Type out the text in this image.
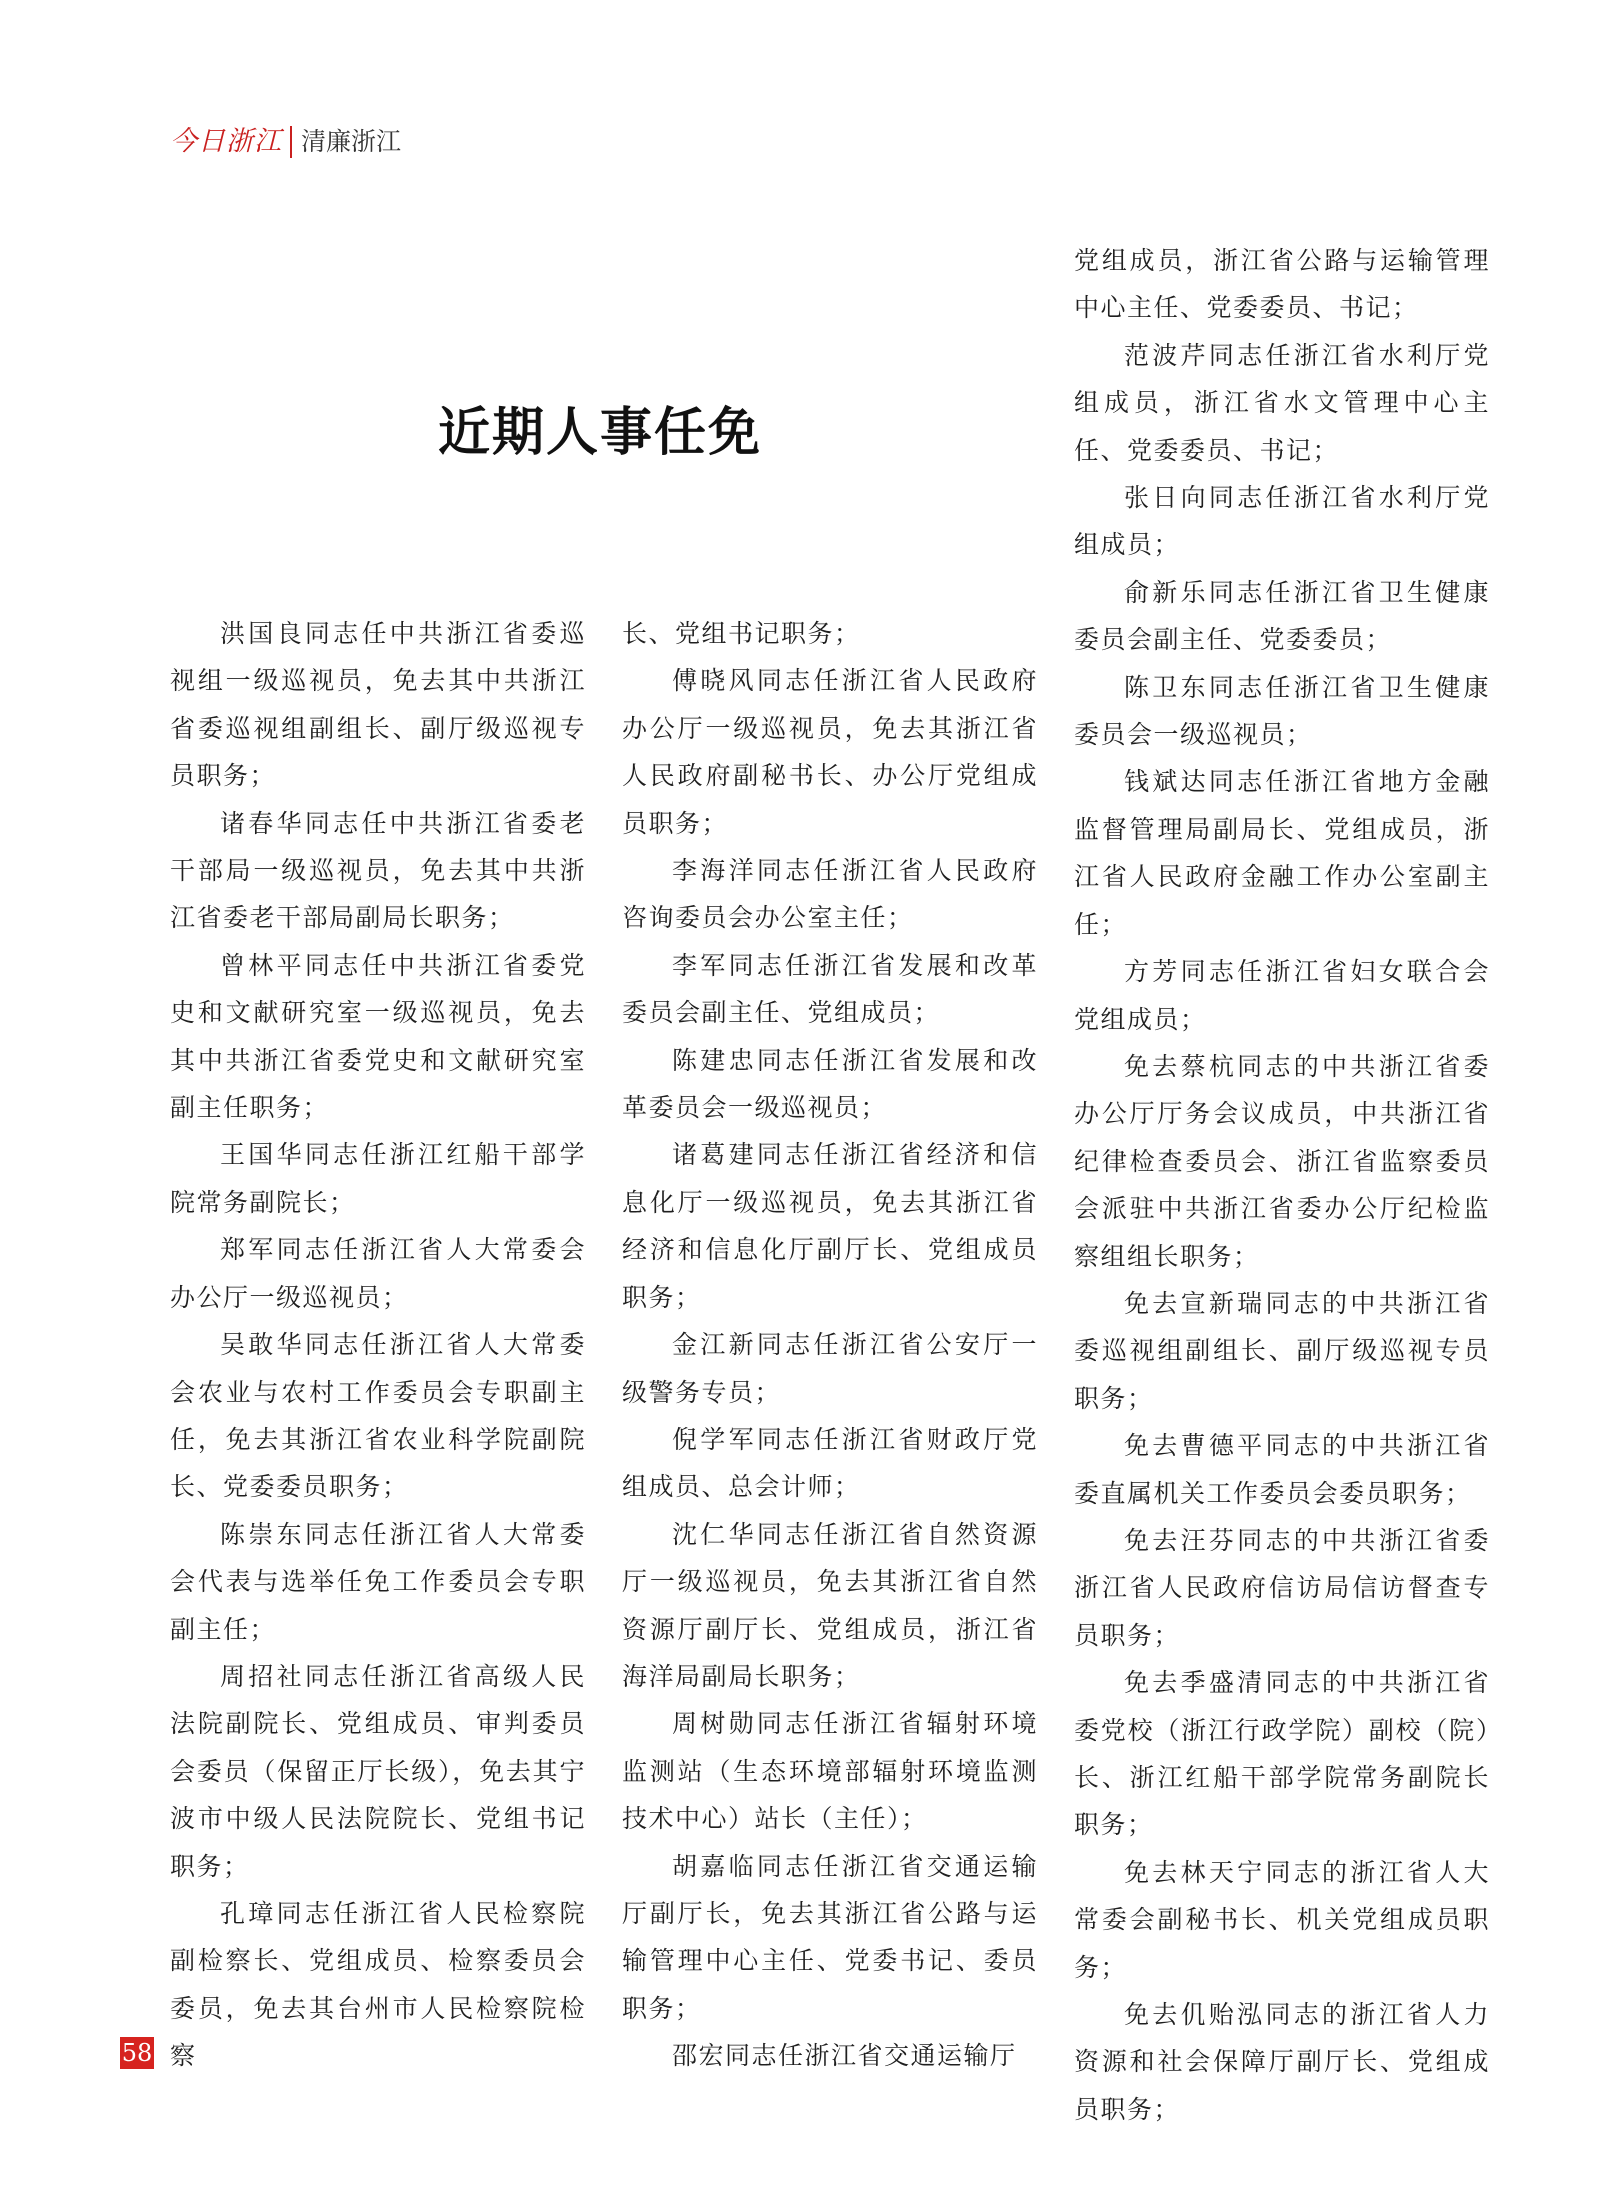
今日浙江 清廉浙江
近期人事任免

洪国良同志任中共浙江省委巡视组一级巡视员，免去其中共浙江省委巡视组副组长、副厅级巡视专员职务；

诸春华同志任中共浙江省委老干部局一级巡视员，免去其中共浙江省委老干部局副局长职务；

曾林平同志任中共浙江省委党史和文献研究室一级巡视员，免去其中共浙江省委党史和文献研究室副主任职务；

王国华同志任浙江红船干部学院常务副院长；

郑军同志任浙江省人大常委会办公厅一级巡视员；

吴敢华同志任浙江省人大常委会农业与农村工作委员会专职副主任，免去其浙江省农业科学院副院长、党委委员职务；

陈崇东同志任浙江省人大常委会代表与选举任免工作委员会专职副主任；

周招社同志任浙江省高级人民法院副院长、党组成员、审判委员会委员（保留正厅长级），免去其宁波市中级人民法院院长、党组书记职务；

孔璋同志任浙江省人民检察院副检察长、党组成员、检察委员会委员，免去其台州市人民检察院检察

长、党组书记职务；

傅晓风同志任浙江省人民政府办公厅一级巡视员，免去其浙江省人民政府副秘书长、办公厅党组成员职务；

李海洋同志任浙江省人民政府咨询委员会办公室主任；

李军同志任浙江省发展和改革委员会副主任、党组成员；

陈建忠同志任浙江省发展和改革委员会一级巡视员；

诸葛建同志任浙江省经济和信息化厅一级巡视员，免去其浙江省经济和信息化厅副厅长、党组成员职务；

金江新同志任浙江省公安厅一级警务专员；

倪学军同志任浙江省财政厅党组成员、总会计师；

沈仁华同志任浙江省自然资源厅一级巡视员，免去其浙江省自然资源厅副厅长、党组成员，浙江省海洋局副局长职务；

周树勋同志任浙江省辐射环境监测站（生态环境部辐射环境监测技术中心）站长（主任）；

胡嘉临同志任浙江省交通运输厅副厅长，免去其浙江省公路与运输管理中心主任、党委书记、委员职务；

邵宏同志任浙江省交通运输厅

党组成员，浙江省公路与运输管理中心主任、党委委员、书记；

范波芹同志任浙江省水利厅党组成员，浙江省水文管理中心主任、党委委员、书记；

张日向同志任浙江省水利厅党组成员；

俞新乐同志任浙江省卫生健康委员会副主任、党委委员；

陈卫东同志任浙江省卫生健康委员会一级巡视员；

钱斌达同志任浙江省地方金融监督管理局副局长、党组成员，浙江省人民政府金融工作办公室副主任；

方芳同志任浙江省妇女联合会党组成员；

免去蔡杭同志的中共浙江省委办公厅厅务会议成员，中共浙江省纪律检查委员会、浙江省监察委员会派驻中共浙江省委办公厅纪检监察组组长职务；

免去宣新瑞同志的中共浙江省委巡视组副组长、副厅级巡视专员职务；

免去曹德平同志的中共浙江省委直属机关工作委员会委员职务；

免去汪芬同志的中共浙江省委浙江省人民政府信访局信访督查专员职务；

免去季盛清同志的中共浙江省委党校（浙江行政学院）副校（院）长、浙江红船干部学院常务副院长职务；

免去林天宁同志的浙江省人大常委会副秘书长、机关党组成员职务；

免去仉贻泓同志的浙江省人力资源和社会保障厅副厅长、党组成员职务；

58
